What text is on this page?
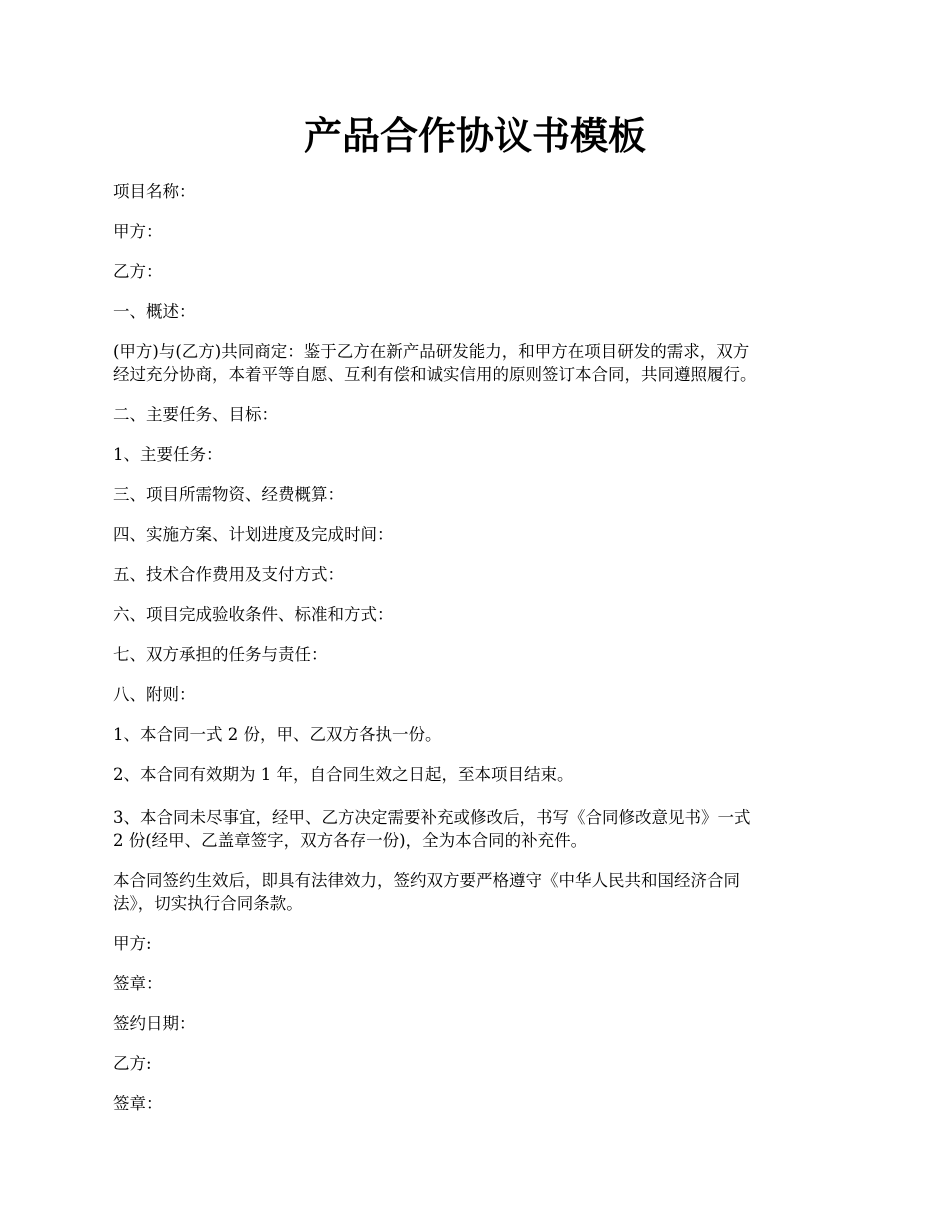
产品合作协议书模板

项目名称：

甲方：

乙方：

一、概述：

(甲方)与(乙方)共同商定：鉴于乙方在新产品研发能力，和甲方在项目研发的需求，双方

经过充分协商，本着平等自愿、互利有偿和诚实信用的原则签订本合同，共同遵照履行。

二、主要任务、目标：

1、主要任务：

三、项目所需物资、经费概算：

四、实施方案、计划进度及完成时间：

五、技术合作费用及支付方式：

六、项目完成验收条件、标准和方式：

七、双方承担的任务与责任：

八、附则：

1、本合同一式 2 份，甲、乙双方各执一份。

2、本合同有效期为 1 年，自合同生效之日起，至本项目结束。

3、本合同未尽事宜，经甲、乙方决定需要补充或修改后，书写《合同修改意见书》一式

2 份(经甲、乙盖章签字，双方各存一份)，全为本合同的补充件。

本合同签约生效后，即具有法律效力，签约双方要严格遵守《中华人民共和国经济合同

法》，切实执行合同条款。

甲方:

签章：

签约日期：

乙方:

签章：
